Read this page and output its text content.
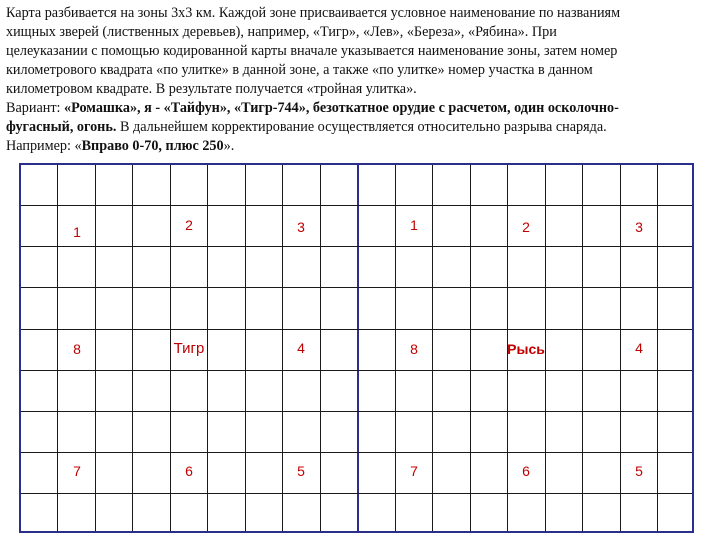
Карта разбивается на зоны 3х3 км. Каждой зоне присваивается условное наименование по названиям
хищных зверей (лиственных деревьев), например, «Тигр», «Лев», «Береза», «Рябина». При
целеуказании с помощью кодированной карты вначале указывается наименование зоны, затем номер
километрового квадрата «по улитке» в данной зоне, а также «по улитке» номер участка в данном
километровом квадрате. В результате получается «тройная улитка».
Вариант: «Ромашка», я - «Тайфун», «Тигр-744», безоткатное орудие с расчетом, один осколочно-
фугасный, огонь. В дальнейшем корректирование осуществляется относительно разрыва снаряда.
Например: «Вправо 0-70, плюс 250».
1	2	3	1	2	3
8	Тигр	4	8	Рысь	4
7	6	5	7	6	5
